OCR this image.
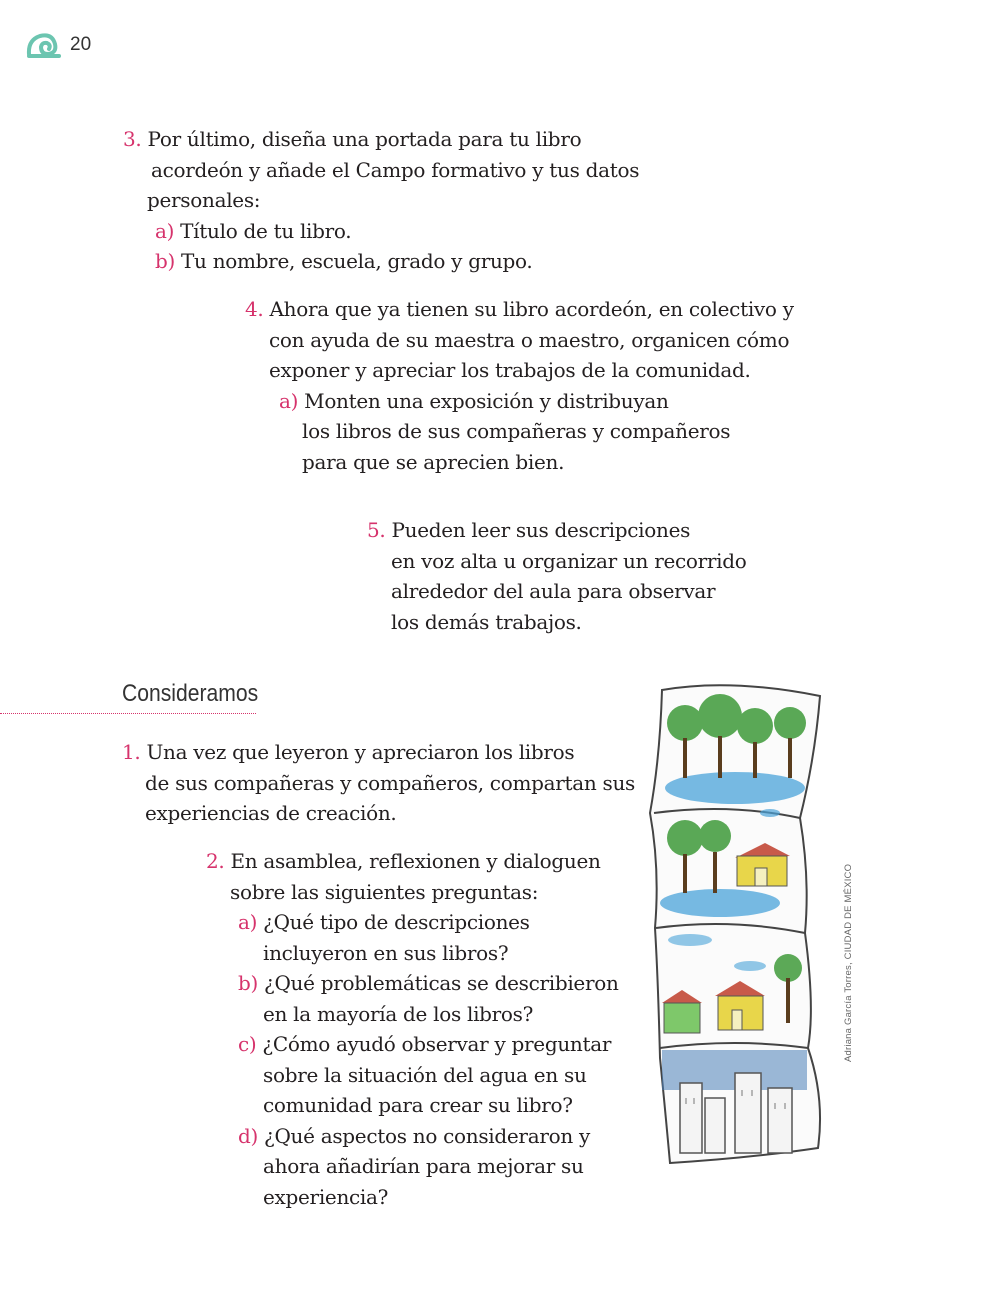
20
3. Por último, diseña una portada para tu libro
acordeón y añade el Campo formativo y tus datos
personales:
a) Título de tu libro.
b) Tu nombre, escuela, grado y grupo.
4. Ahora que ya tienen su libro acordeón, en colectivo y
con ayuda de su maestra o maestro, organicen cómo
exponer y apreciar los trabajos de la comunidad.
a) Monten una exposición y distribuyan
los libros de sus compañeras y compañeros
para que se aprecien bien.
5. Pueden leer sus descripciones
en voz alta u organizar un recorrido
alrededor del aula para observar
los demás trabajos.
Consideramos
1. Una vez que leyeron y apreciaron los libros
de sus compañeras y compañeros, compartan sus
experiencias de creación.
2. En asamblea, reflexionen y dialoguen
sobre las siguientes preguntas:
a) ¿Qué tipo de descripciones
incluyeron en sus libros?
b) ¿Qué problemáticas se describieron
en la mayoría de los libros?
c) ¿Cómo ayudó observar y preguntar
sobre la situación del agua en su
comunidad para crear su libro?
d) ¿Qué aspectos no consideraron y
ahora añadirían para mejorar su
experiencia?
Adriana García Torres, CIUDAD DE MÉXICO
